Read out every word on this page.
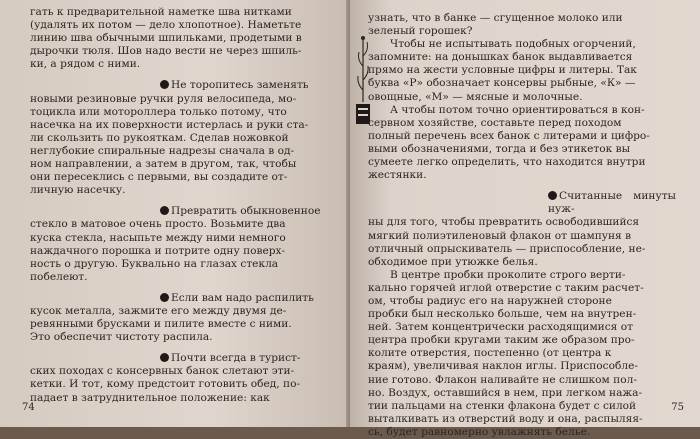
гать к предварительной наметке шва нитками
(удалять их потом — дело хлопотное). Наметьте
линию шва обычными шпильками, продетыми в
дырочки тюля. Шов надо вести не через шпиль-
ки, а рядом с ними.
Не торопитесь заменять
новыми резиновые ручки руля велосипеда, мо-
тоцикла или мотороллера только потому, что
насечка на их поверхности истерлась и руки ста-
ли скользить по рукояткам. Сделав ножовкой
неглубокие спиральные надрезы сначала в од-
ном направлении, а затем в другом, так, чтобы
они пересеклись с первыми, вы создадите от-
личную насечку.
Превратить обыкновенное
стекло в матовое очень просто. Возьмите два
куска стекла, насыпьте между ними немного
наждачного порошка и потрите одну поверх-
ность о другую. Буквально на глазах стекла
побелеют.
Если вам надо распилить
кусок металла, зажмите его между двумя де-
ревянными брусками и пилите вместе с ними.
Это обеспечит чистоту распила.
Почти всегда в турист-
ских походах с консервных банок слетают эти-
кетки. И тот, кому предстоит готовить обед, по-
падает в затруднительное положение: как
74
узнать, что в банке — сгущенное молоко или
зеленый горошек?
Чтобы не испытывать подобных огорчений,
запомните: на донышках банок выдавливается
прямо на жести условные цифры и литеры. Так
буква «Р» обозначает консервы рыбные, «К» —
овощные, «М» — мясные и молочные.
А чтобы потом точно ориентироваться в кон-
сервном хозяйстве, составьте перед походом
полный перечень всех банок с литерами и цифро-
выми обозначениями, тогда и без этикеток вы
сумеете легко определить, что находится внутри
жестянки.
Считанные минуты нуж-
ны для того, чтобы превратить освободившийся
мягкий полиэтиленовый флакон от шампуня в
отличный опрыскиватель — приспособление, не-
обходимое при утюжке белья.
В центре пробки проколите строго верти-
кально горячей иглой отверстие с таким расчет-
ом, чтобы радиус его на наружней стороне
пробки был несколько больше, чем на внутрен-
ней. Затем концентрически расходящимися от
центра пробки кругами таким же образом про-
колите отверстия, постепенно (от центра к
краям), увеличивая наклон иглы. Приспособле-
ние готово. Флакон наливайте не слишком пол-
но. Воздух, оставшийся в нем, при легком нажа-
тии пальцами на стенки флакона будет с силой
выталкивать из отверстий воду и она, распыляя-
сь, будет равномерно увлажнять белье.
75
